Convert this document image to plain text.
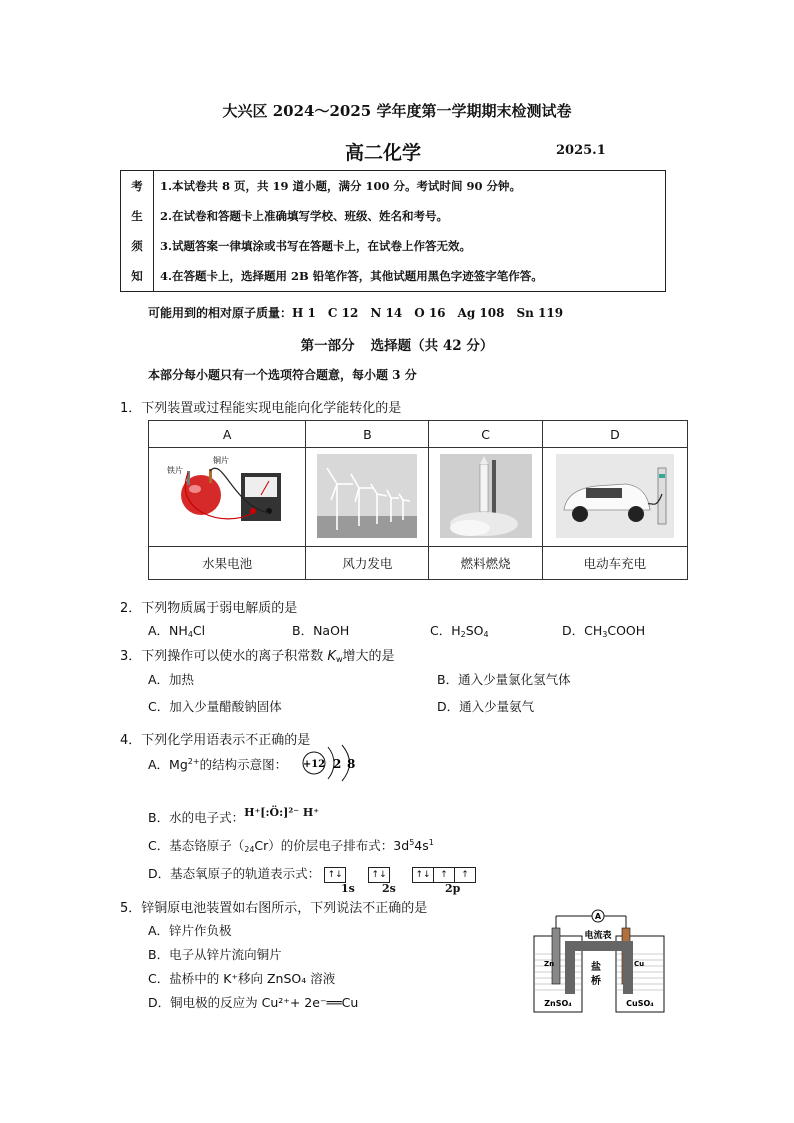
大兴区 2024～2025 学年度第一学期期末检测试卷
高二化学	2025.1
考	1.本试卷共 8 页，共 19 道小题，满分 100 分。考试时间 90 分钟。
生	2.在试卷和答题卡上准确填写学校、班级、姓名和考号。
须	3.试题答案一律填涂或书写在答题卡上，在试卷上作答无效。
知	4.在答题卡上，选择题用 2B 铅笔作答，其他试题用黑色字迹签字笔作答。
可能用到的相对原子质量：H 1 C 12 N 14 O 16 Ag 108 Sn 119
第一部分 选择题（共 42 分）
本部分每小题只有一个选项符合题意，每小题 3 分
1．下列装置或过程能实现电能向化学能转化的是
A	B	C	D

铁片
铜片

水果电池	风力发电	燃料燃烧	电动车充电
2．下列物质属于弱电解质的是
A．$NH_4Cl$	B．NaOH	C．$H_2SO_4$	D．$CH_3COOH$
3．下列操作可以使水的离子积常数 $K_w$增大的是
A．加热	B．通入少量氯化氢气体
C．加入少量醋酸钠固体	D．通入少量氨气
4．下列化学用语表示不正确的是
A．$Mg^{2+}$的结构示意图： +12 2 8
B．水的电子式：H⁺[:Ö:]²⁻ H⁺
C．基态铬原子$(_{24}Cr)$的价层电子排布式：$3d^54s^1$
D．基态氧原子的轨道表示式： ↑↓	↑↓	↑↓ ↑ ↑
1s 2s	2p
5．锌铜原电池装置如右图所示，下列说法不正确的是
A．锌片作负极
B．电子从锌片流向铜片
C．盐桥中的 K⁺移向 ZnSO₄ 溶液
D．铜电极的反应为 Cu²⁺+ 2e⁻══Cu
A
电流表
Zn	Cu
盐
桥
ZnSO₄	CuSO₄
